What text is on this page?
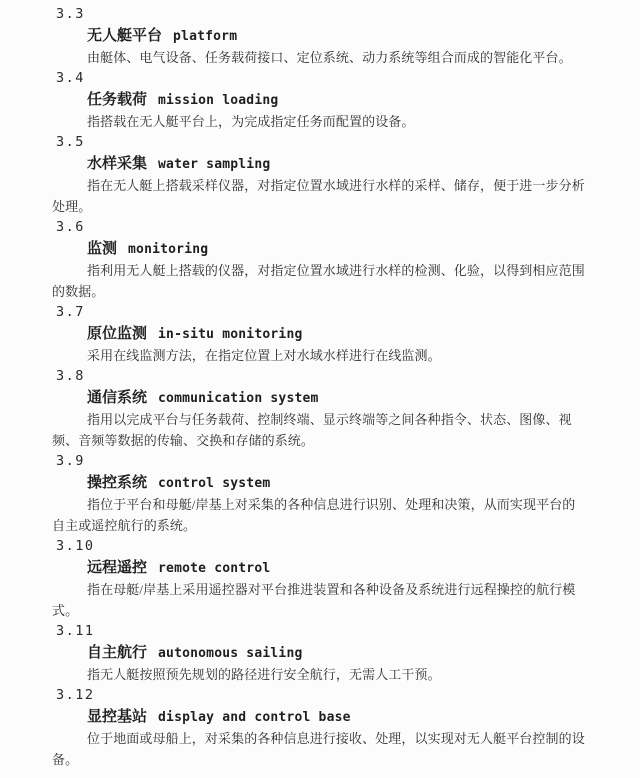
3.3
无人艇平台 platform

由艇体、电气设备、任务载荷接口、定位系统、动力系统等组合而成的智能化平台。

3.4
任务载荷 mission loading

指搭载在无人艇平台上，为完成指定任务而配置的设备。

3.5
水样采集 water sampling

指在无人艇上搭载采样仪器，对指定位置水域进行水样的采样、储存，便于进一步分析处理。

3.6
监测 monitoring

指利用无人艇上搭载的仪器，对指定位置水域进行水样的检测、化验，以得到相应范围的数据。

3.7
原位监测 in-situ monitoring

采用在线监测方法，在指定位置上对水域水样进行在线监测。

3.8
通信系统 communication system

指用以完成平台与任务载荷、控制终端、显示终端等之间各种指令、状态、图像、视频、音频等数据的传输、交换和存储的系统。

3.9
操控系统 control system

指位于平台和母艇/岸基上对采集的各种信息进行识别、处理和决策，从而实现平台的自主或遥控航行的系统。

3.10
远程遥控 remote control

指在母艇/岸基上采用遥控器对平台推进装置和各种设备及系统进行远程操控的航行模式。

3.11
自主航行 autonomous sailing

指无人艇按照预先规划的路径进行安全航行，无需人工干预。

3.12
显控基站 display and control base

位于地面或母船上，对采集的各种信息进行接收、处理，以实现对无人艇平台控制的设备。
